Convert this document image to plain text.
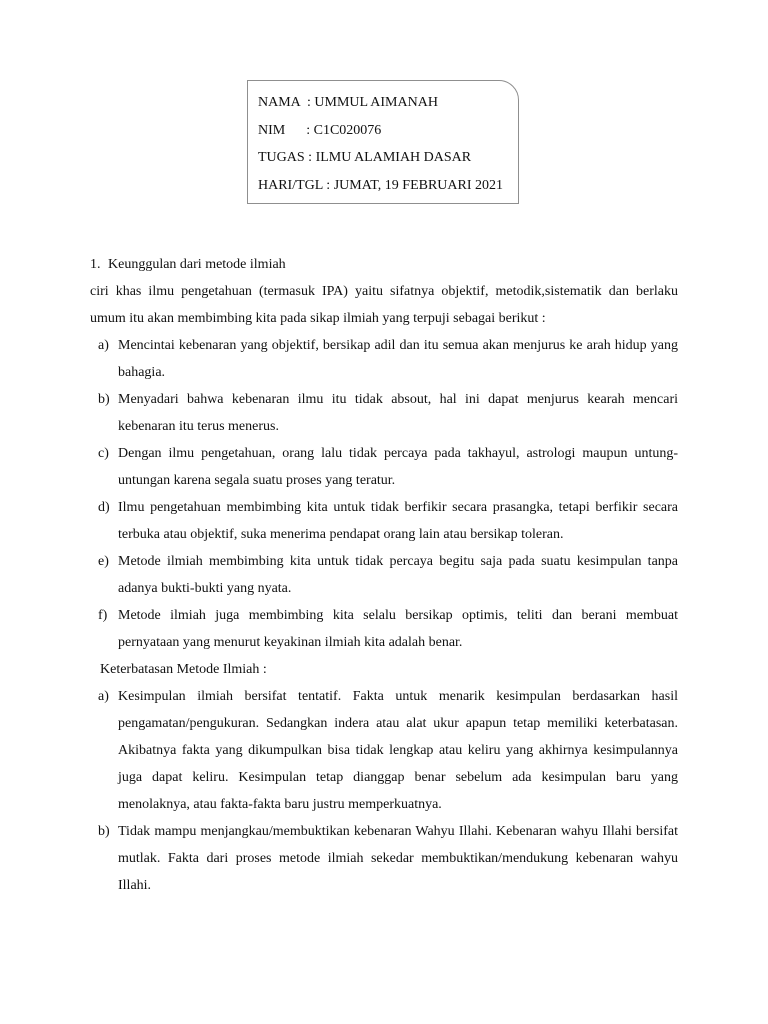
NAMA  : UMMUL AIMANAH
NIM      : C1C020076
TUGAS : ILMU ALAMIAH DASAR
HARI/TGL : JUMAT, 19 FEBRUARI 2021
1. Keunggulan dari metode ilmiah
ciri khas ilmu pengetahuan (termasuk IPA) yaitu sifatnya objektif, metodik,sistematik dan berlaku umum itu akan membimbing kita pada sikap ilmiah yang terpuji sebagai berikut :
a) Mencintai kebenaran yang objektif, bersikap adil dan itu semua akan menjurus ke arah hidup yang bahagia.
b) Menyadari bahwa kebenaran ilmu itu tidak absout, hal ini dapat menjurus kearah mencari kebenaran itu terus menerus.
c) Dengan ilmu pengetahuan, orang lalu tidak percaya pada takhayul, astrologi maupun untung- untungan karena segala suatu proses yang teratur.
d) Ilmu pengetahuan membimbing kita untuk tidak berfikir secara prasangka, tetapi berfikir secara terbuka atau objektif, suka menerima pendapat orang lain atau bersikap toleran.
e) Metode ilmiah membimbing kita untuk tidak percaya begitu saja pada suatu kesimpulan tanpa adanya bukti-bukti yang nyata.
f) Metode ilmiah juga membimbing kita selalu bersikap optimis, teliti dan berani membuat pernyataan yang menurut keyakinan ilmiah kita adalah benar.
Keterbatasan Metode Ilmiah :
a) Kesimpulan ilmiah bersifat tentatif. Fakta untuk menarik kesimpulan berdasarkan hasil pengamatan/pengukuran. Sedangkan indera atau alat ukur apapun tetap memiliki keterbatasan. Akibatnya fakta yang dikumpulkan bisa tidak lengkap atau keliru yang akhirnya kesimpulannya juga dapat keliru. Kesimpulan tetap dianggap benar sebelum ada kesimpulan baru yang menolaknya, atau fakta-fakta baru justru memperkuatnya.
b) Tidak mampu menjangkau/membuktikan kebenaran Wahyu Illahi. Kebenaran wahyu Illahi bersifat mutlak. Fakta dari proses metode ilmiah sekedar membuktikan/mendukung kebenaran wahyu Illahi.
